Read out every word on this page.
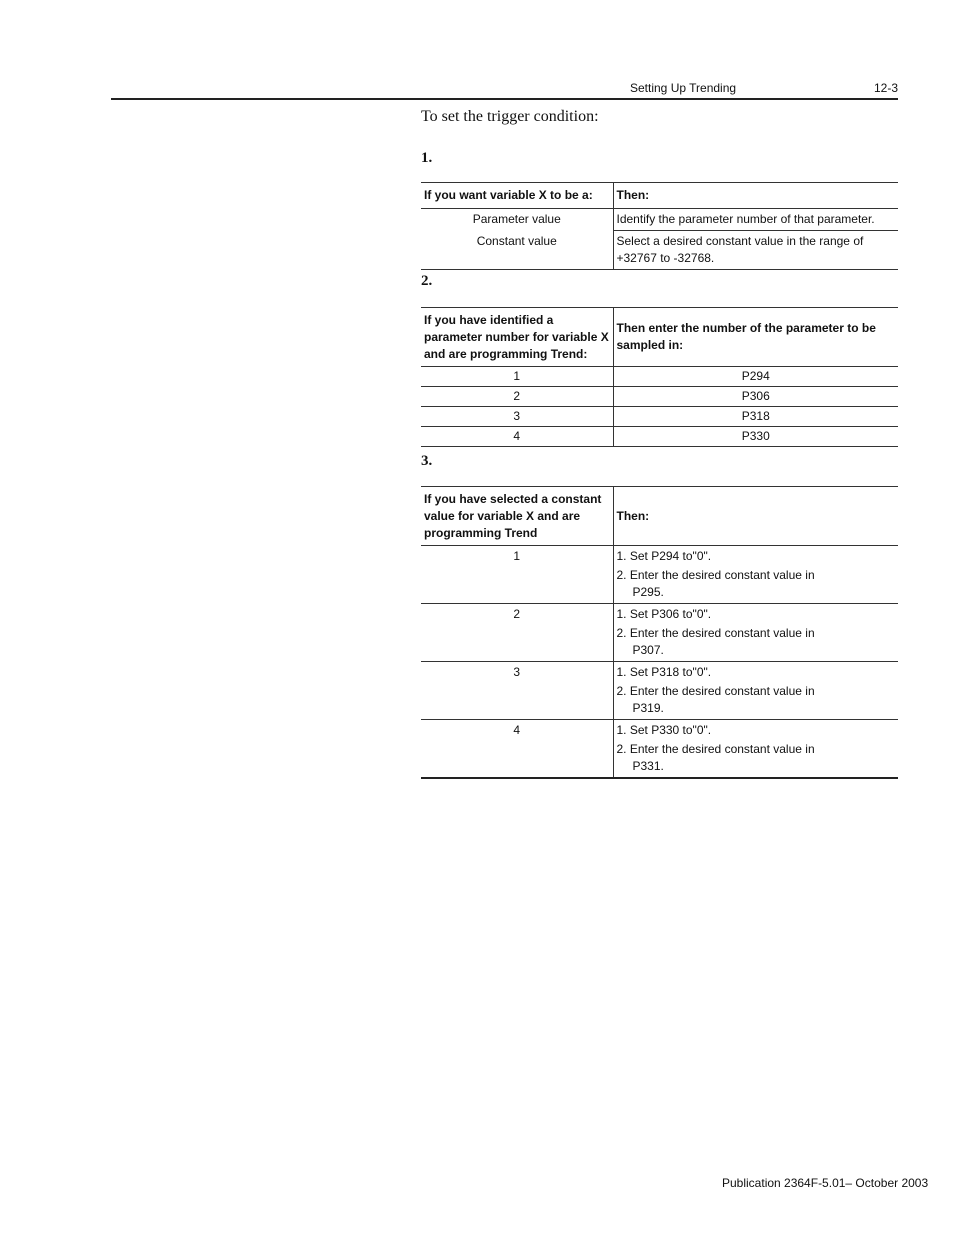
Setting Up Trending	12-3
To set the trigger condition:
1.
If you want variable X to be a:	Then:
Parameter value	Identify the parameter number of that parameter.
Constant value	Select a desired constant value in the range of +32767 to -32768.
2.
If you have identified a parameter number for variable X and are programming Trend:	Then enter the number of the parameter to be sampled in:
1	P294
2	P306
3	P318
4	P330
3.
If you have selected a constant value for variable X and are programming Trend	Then:
1	1. Set P294 to"0".
2. Enter the desired constant value in P295.

2	1. Set P306 to"0".
2. Enter the desired constant value in P307.

3	1. Set P318 to"0".
2. Enter the desired constant value in P319.

4	1. Set P330 to"0".
2. Enter the desired constant value in P331.
Publication 2364F-5.01– October 2003
